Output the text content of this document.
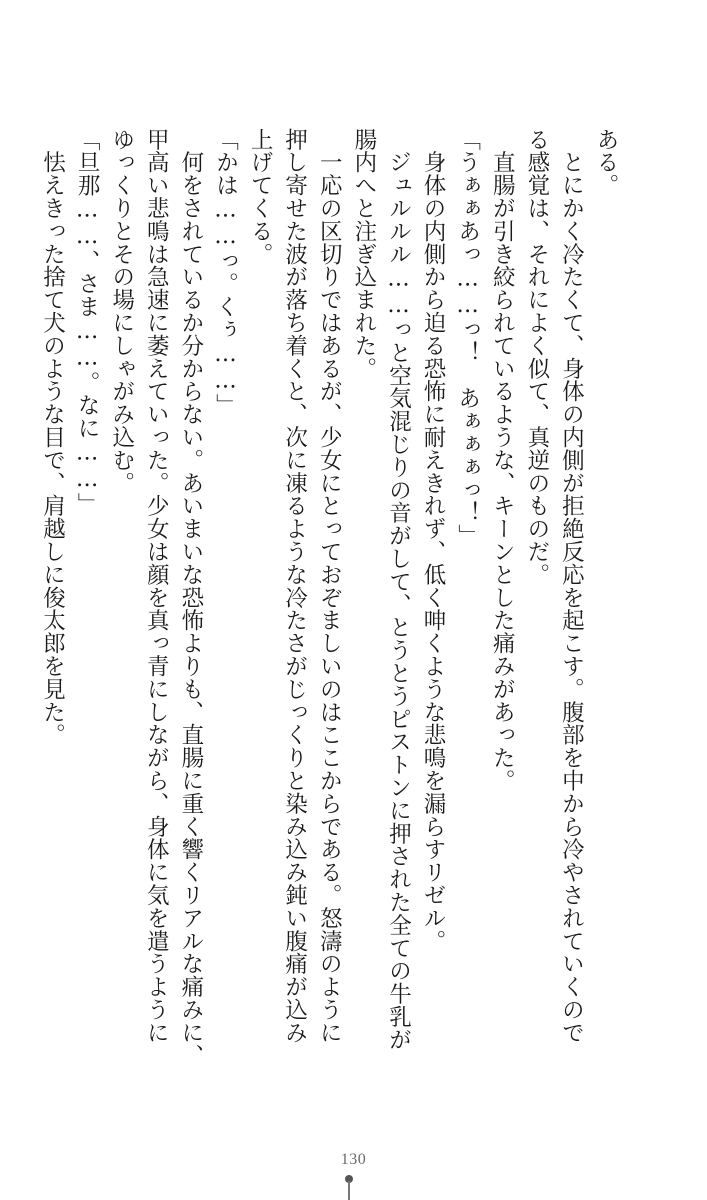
ある。
　とにかく冷たくて、身体の内側が拒絶反応を起こす。腹部を中から冷やされていくので
る感覚は、それによく似て、真逆のものだ。
　直腸が引き絞られているような、キーンとした痛みがあった。
「うぁぁあっ……っ！　あぁぁぁっ！」
　身体の内側から迫る恐怖に耐えきれず、低く呻くような悲鳴を漏らすリゼル。
　ジュルルル……っと空気混じりの音がして、とうとうピストンに押された全ての牛乳が
腸内へと注ぎ込まれた。
　一応の区切りではあるが、少女にとっておぞましいのはここからである。怒濤のように
押し寄せた波が落ち着くと、次に凍るような冷たさがじっくりと染み込み鈍い腹痛が込み
上げてくる。
「かは……っ。くぅ……」
　何をされているか分からない。あいまいな恐怖よりも、直腸に重く響くリアルな痛みに、
甲高い悲鳴は急速に萎えていった。少女は顔を真っ青にしながら、身体に気を遣うように
ゆっくりとその場にしゃがみ込む。
「旦那……、さま……。なに……」
　怯えきった捨て犬のような目で、肩越しに俊太郎を見た。
130
